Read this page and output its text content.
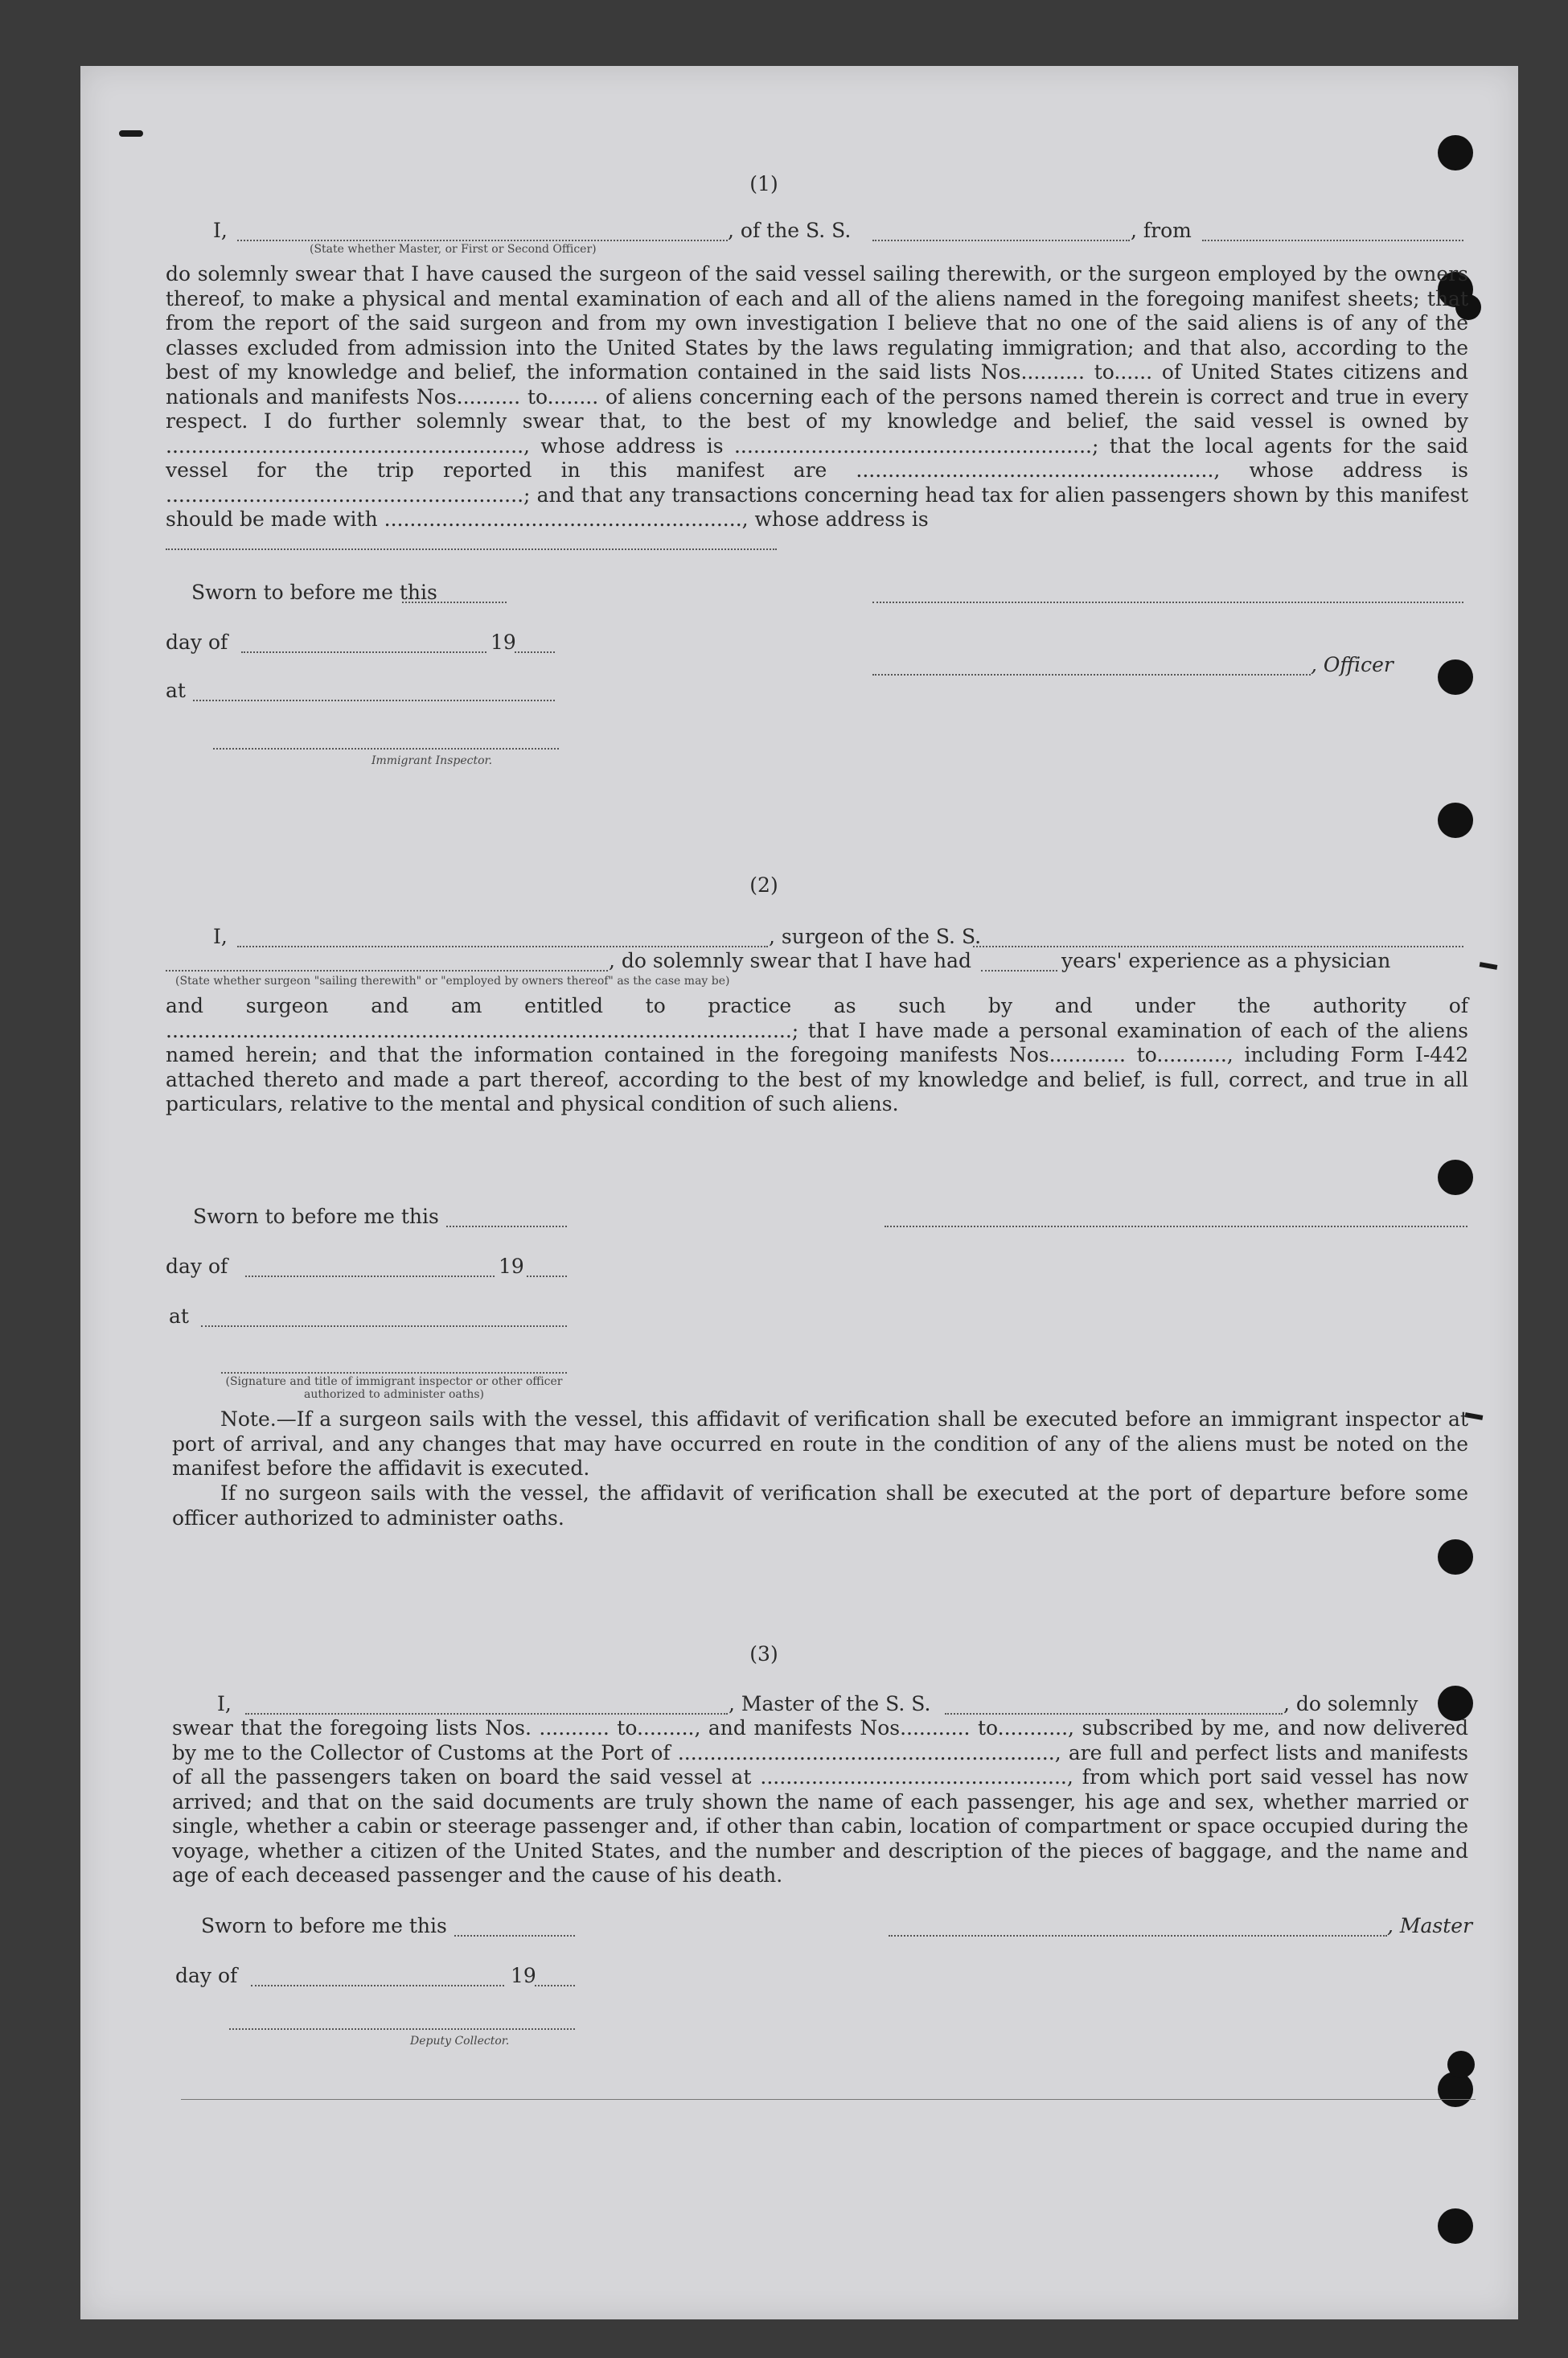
(1)
I,
(State whether Master, or First or Second Officer)
, of the S. S.	, from
do solemnly swear that I have caused the surgeon of the said vessel sailing therewith, or the surgeon employed by the owners thereof, to make a physical and mental examination of each and all of the aliens named in the foregoing manifest sheets; that from the report of the said surgeon and from my own investigation I believe that no one of the said aliens is of any of the classes excluded from admission into the United States by the laws regulating immigration; and that also, according to the best of my knowledge and belief, the information contained in the said lists Nos.......... to...... of United States citizens and nationals and manifests Nos.......... to........ of aliens concerning each of the persons named therein is correct and true in every respect. I do further solemnly swear that, to the best of my knowledge and belief, the said vessel is owned by ........................................................, whose address is ........................................................; that the local agents for the said vessel for the trip reported in this manifest are ........................................................, whose address is ........................................................; and that any transactions concerning head tax for alien passengers shown by this manifest should be made with ........................................................, whose address is
Sworn to before me this
day of	19
, Officer
at
Immigrant Inspector.
(2)
I,	, surgeon of the S. S.
, do solemnly swear that I have had	years' experience as a physician
(State whether surgeon "sailing therewith" or "employed by owners thereof" as the case may be)
and surgeon and am entitled to practice as such by and under the authority of ..................................................................................................; that I have made a personal examination of each of the aliens named herein; and that the information contained in the foregoing manifests Nos............ to..........., including Form I-442 attached thereto and made a part thereof, according to the best of my knowledge and belief, is full, correct, and true in all particulars, relative to the mental and physical condition of such aliens.
Sworn to before me this
day of	19
at
(Signature and title of immigrant inspector or other officer authorized to administer oaths)
Note.—If a surgeon sails with the vessel, this affidavit of verification shall be executed before an immigrant inspector at port of arrival, and any changes that may have occurred en route in the condition of any of the aliens must be noted on the manifest before the affidavit is executed.
If no surgeon sails with the vessel, the affidavit of verification shall be executed at the port of departure before some officer authorized to administer oaths.
(3)
I,	, Master of the S. S.	, do solemnly
swear that the foregoing lists Nos. ........... to........., and manifests Nos........... to..........., subscribed by me, and now delivered by me to the Collector of Customs at the Port of ..........................................................., are full and perfect lists and manifests of all the passengers taken on board the said vessel at ................................................, from which port said vessel has now arrived; and that on the said documents are truly shown the name of each passenger, his age and sex, whether married or single, whether a cabin or steerage passenger and, if other than cabin, location of compartment or space occupied during the voyage, whether a citizen of the United States, and the number and description of the pieces of baggage, and the name and age of each deceased passenger and the cause of his death.
Sworn to before me this	, Master
day of	19
Deputy Collector.
